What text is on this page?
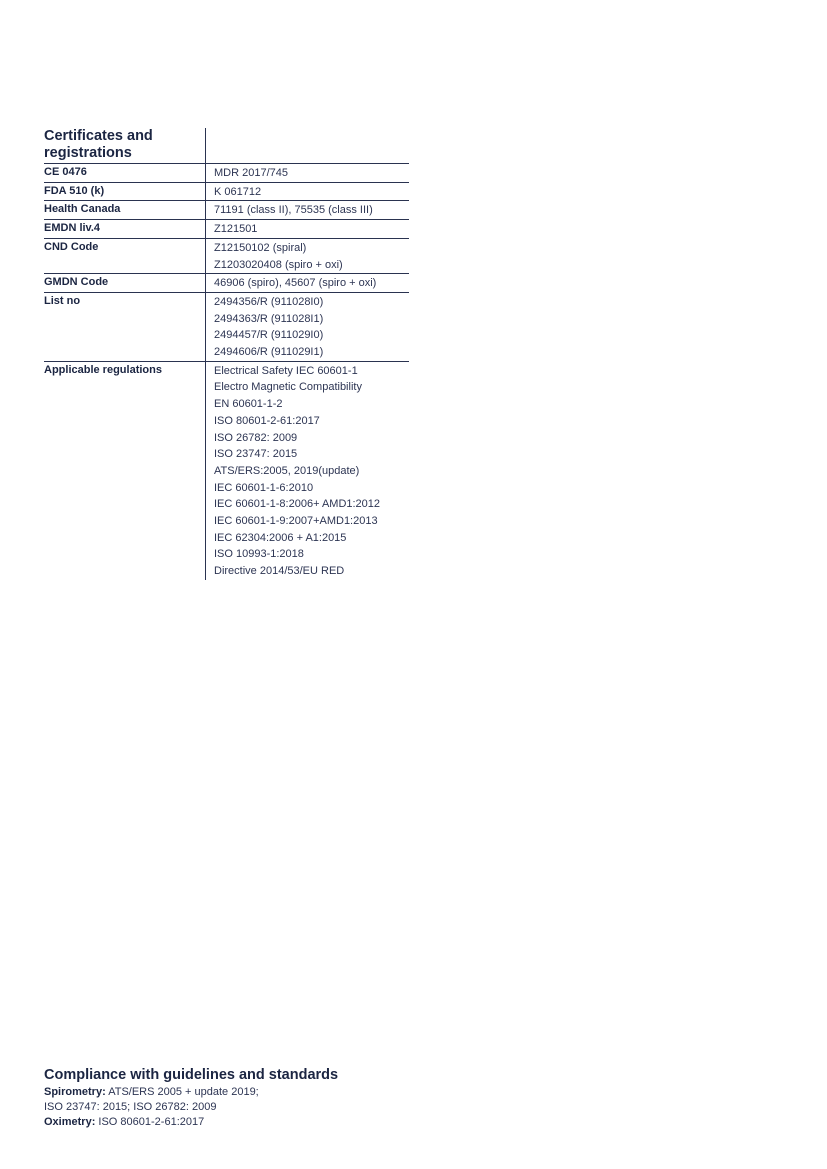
Certificates and
registrations
CE 0476	MDR 2017/745
FDA 510 (k)	K 061712
Health Canada	71191 (class II), 75535 (class III)
EMDN liv.4	Z121501
CND Code	Z12150102 (spiral)
Z1203020408 (spiro + oxi)
GMDN Code	46906 (spiro), 45607 (spiro + oxi)
List no	2494356/R (911028I0)
2494363/R (911028I1)
2494457/R (911029I0)
2494606/R (911029I1)
Applicable regulations	Electrical Safety IEC 60601-1
Electro Magnetic Compatibility
EN 60601-1-2
ISO 80601-2-61:2017
ISO 26782: 2009
ISO 23747: 2015
ATS/ERS:2005, 2019(update)
IEC 60601-1-6:2010
IEC 60601-1-8:2006+ AMD1:2012
IEC 60601-1-9:2007+AMD1:2013
IEC 62304:2006 + A1:2015
ISO 10993-1:2018
Directive 2014/53/EU RED
Compliance with guidelines and standards
Spirometry: ATS/ERS 2005 + update 2019;
ISO 23747: 2015; ISO 26782: 2009
Oximetry: ISO 80601-2-61:2017
